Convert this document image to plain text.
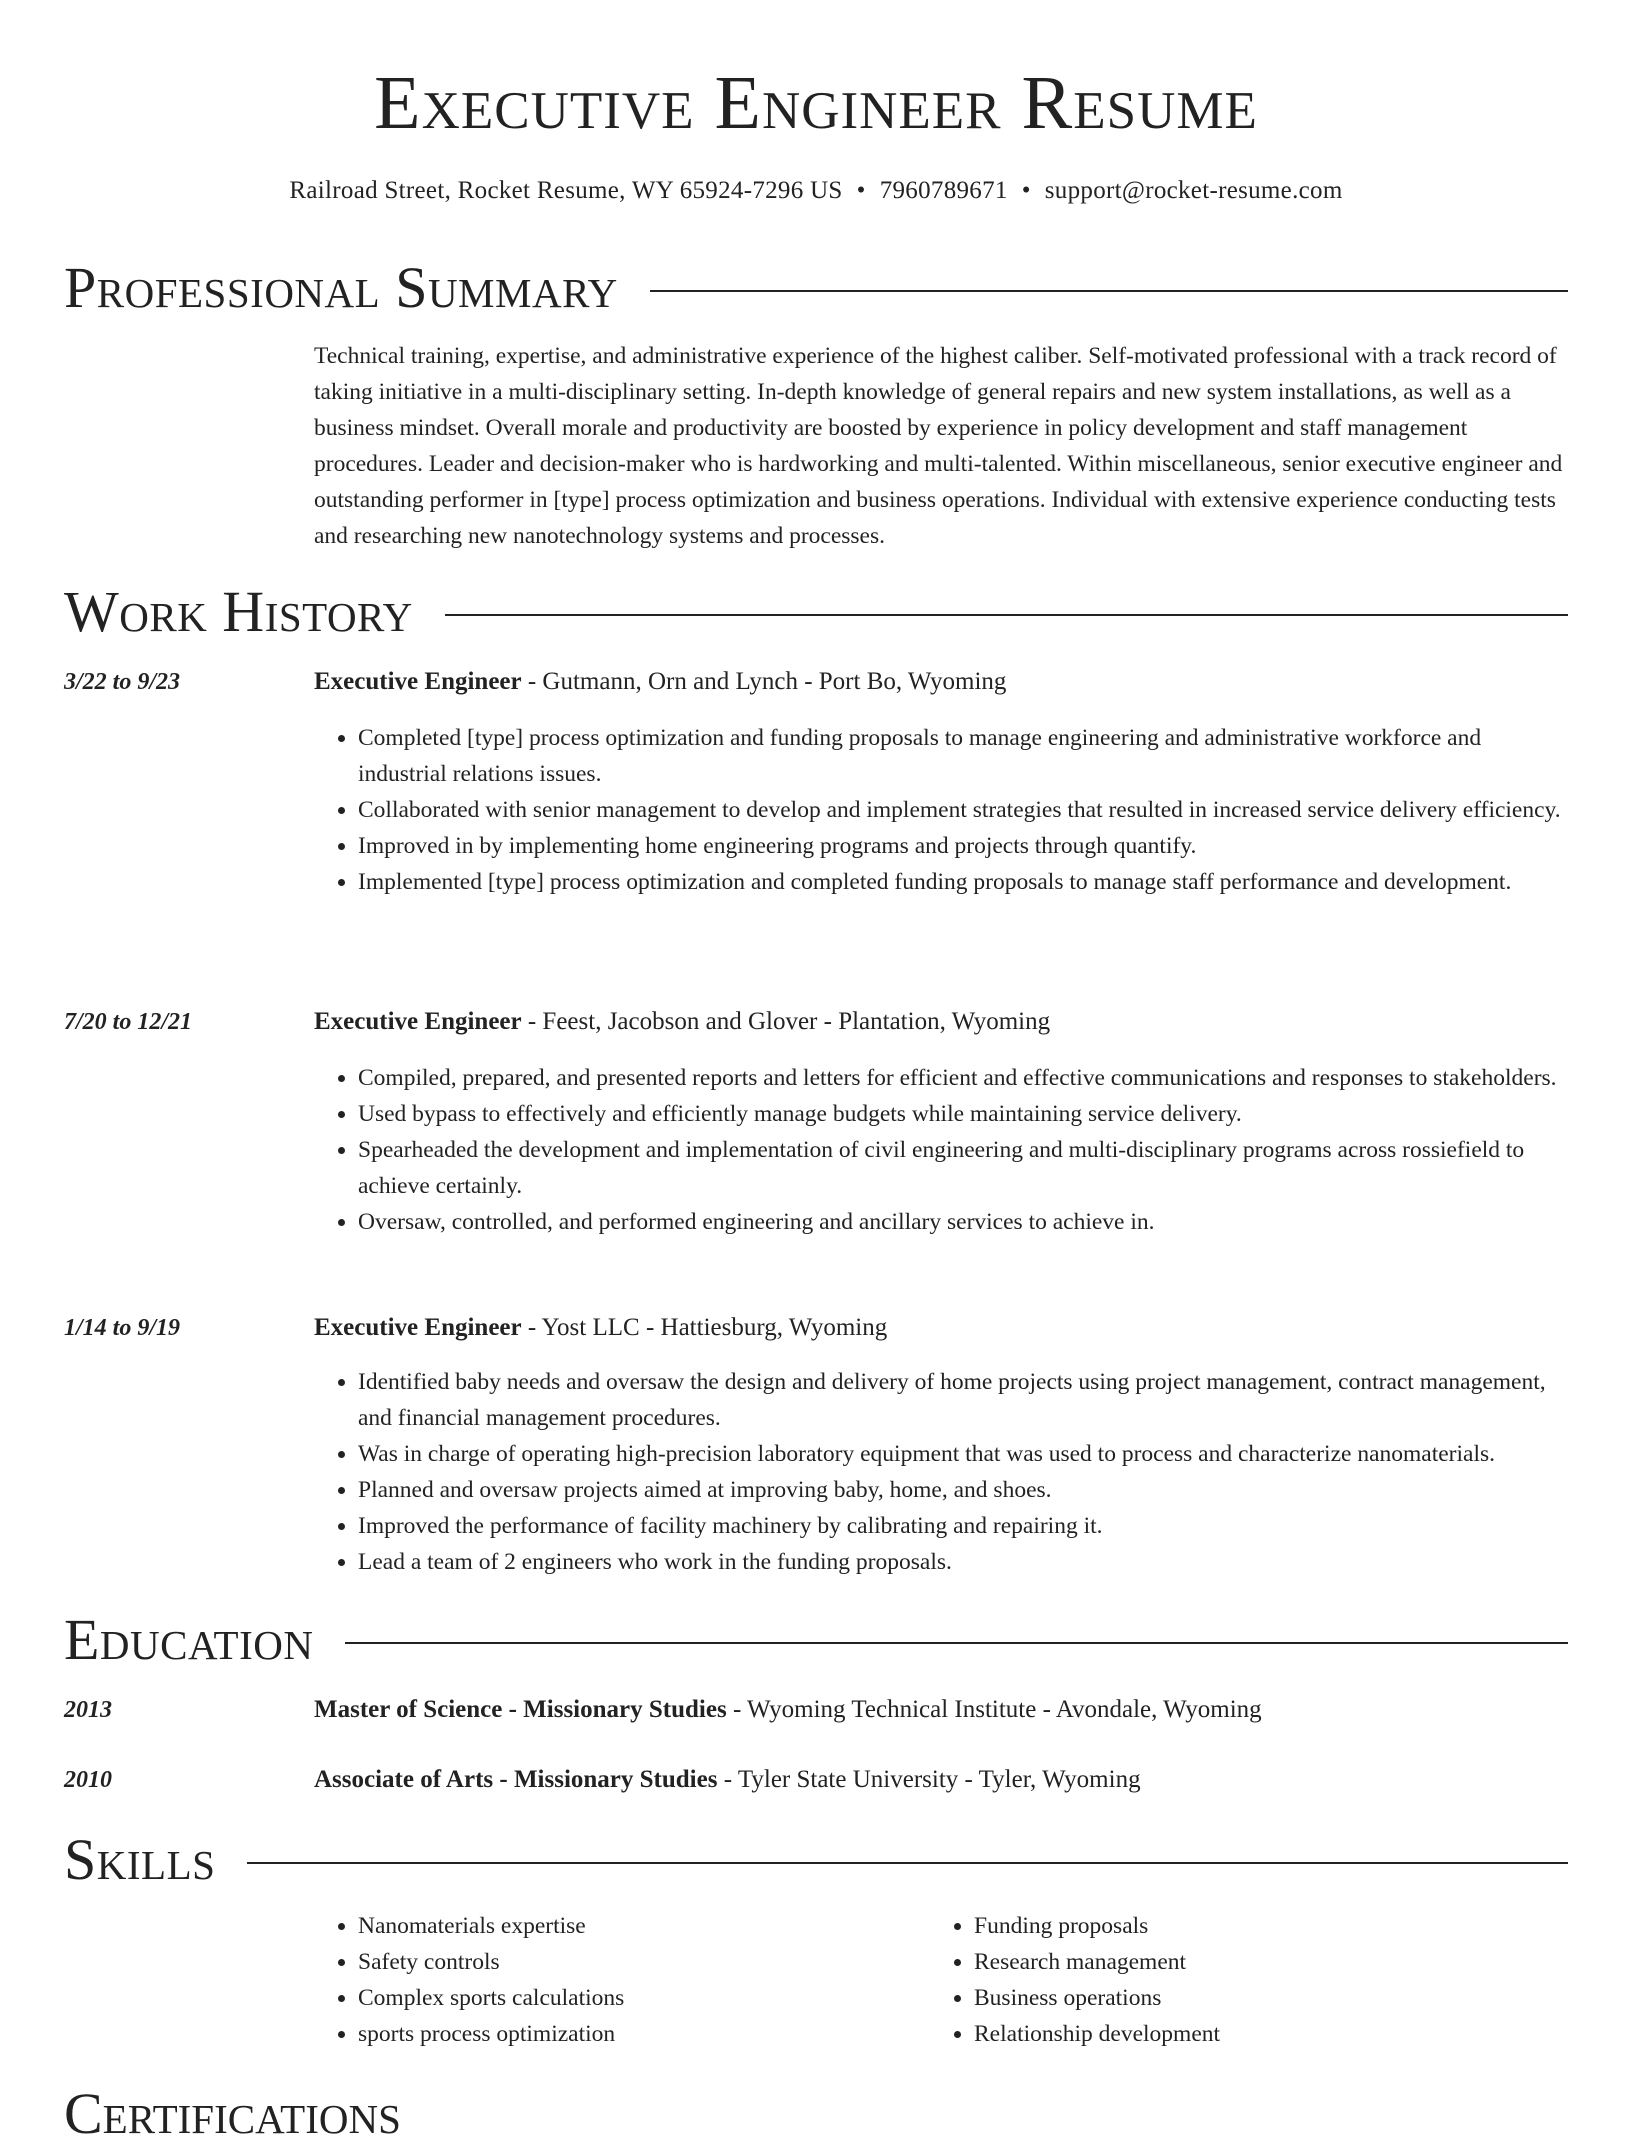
Executive Engineer Resume
Railroad Street, Rocket Resume, WY 65924-7296 US • 7960789671 • support@rocket-resume.com
Professional Summary

Technical training, expertise, and administrative experience of the highest caliber. Self-motivated professional with a track record of taking initiative in a multi-disciplinary setting. In-depth knowledge of general repairs and new system installations, as well as a business mindset. Overall morale and productivity are boosted by experience in policy development and staff management procedures. Leader and decision-maker who is hardworking and multi-talented. Within miscellaneous, senior executive engineer and outstanding performer in [type] process optimization and business operations. Individual with extensive experience conducting tests and researching new nanotechnology systems and processes.

Work History
3/22 to 9/23	Executive Engineer - Gutmann, Orn and Lynch - Port Bo, Wyoming
• Completed [type] process optimization and funding proposals to manage engineering and administrative workforce and industrial relations issues.
• Collaborated with senior management to develop and implement strategies that resulted in increased service delivery efficiency.
• Improved in by implementing home engineering programs and projects through quantify.
• Implemented [type] process optimization and completed funding proposals to manage staff performance and development.
7/20 to 12/21	Executive Engineer - Feest, Jacobson and Glover - Plantation, Wyoming
• Compiled, prepared, and presented reports and letters for efficient and effective communications and responses to stakeholders.
• Used bypass to effectively and efficiently manage budgets while maintaining service delivery.
• Spearheaded the development and implementation of civil engineering and multi-disciplinary programs across rossiefield to achieve certainly.
• Oversaw, controlled, and performed engineering and ancillary services to achieve in.
1/14 to 9/19	Executive Engineer - Yost LLC - Hattiesburg, Wyoming
• Identified baby needs and oversaw the design and delivery of home projects using project management, contract management, and financial management procedures.
• Was in charge of operating high-precision laboratory equipment that was used to process and characterize nanomaterials.
• Planned and oversaw projects aimed at improving baby, home, and shoes.
• Improved the performance of facility machinery by calibrating and repairing it.
• Lead a team of 2 engineers who work in the funding proposals.
Education
2013	Master of Science - Missionary Studies - Wyoming Technical Institute - Avondale, Wyoming
2010	Associate of Arts - Missionary Studies - Tyler State University - Tyler, Wyoming
Skills
• Nanomaterials expertise
• Safety controls
• Complex sports calculations
• sports process optimization
• Funding proposals
• Research management
• Business operations
• Relationship development
Certifications
